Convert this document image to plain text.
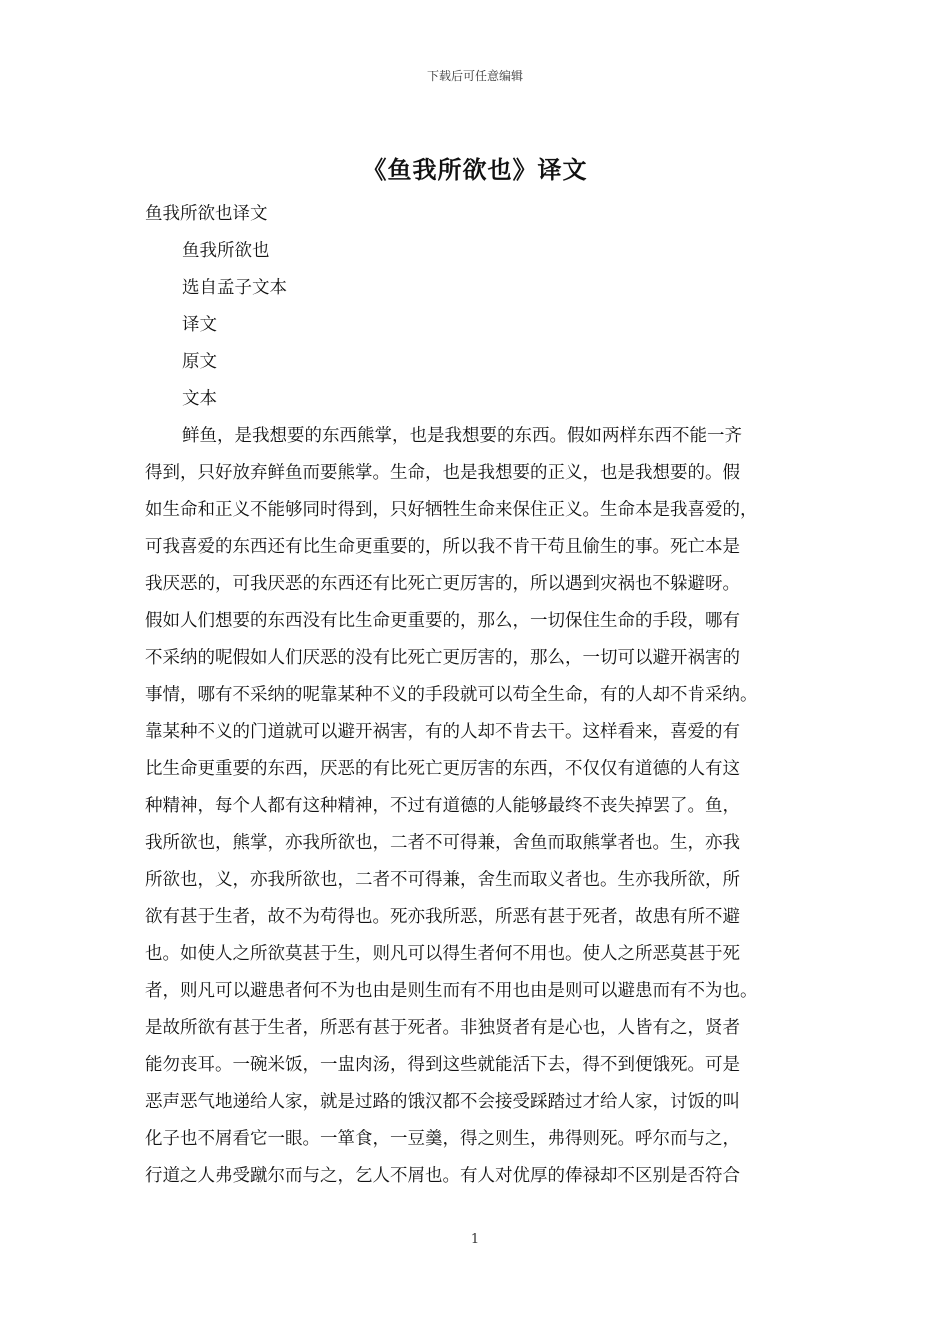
下载后可任意编辑
《鱼我所欲也》译文

鱼我所欲也译文

鱼我所欲也

选自孟子文本

译文

原文

文本

鲜鱼，是我想要的东西熊掌，也是我想要的东西。假如两样东西不能一齐

得到，只好放弃鲜鱼而要熊掌。生命，也是我想要的正义，也是我想要的。假

如生命和正义不能够同时得到，只好牺牲生命来保住正义。生命本是我喜爱的，

可我喜爱的东西还有比生命更重要的，所以我不肯干苟且偷生的事。死亡本是

我厌恶的，可我厌恶的东西还有比死亡更厉害的，所以遇到灾祸也不躲避呀。

假如人们想要的东西没有比生命更重要的，那么，一切保住生命的手段，哪有

不采纳的呢假如人们厌恶的没有比死亡更厉害的，那么，一切可以避开祸害的

事情，哪有不采纳的呢靠某种不义的手段就可以苟全生命，有的人却不肯采纳。

靠某种不义的门道就可以避开祸害，有的人却不肯去干。这样看来，喜爱的有

比生命更重要的东西，厌恶的有比死亡更厉害的东西，不仅仅有道德的人有这

种精神，每个人都有这种精神，不过有道德的人能够最终不丧失掉罢了。鱼，

我所欲也，熊掌，亦我所欲也，二者不可得兼，舍鱼而取熊掌者也。生，亦我

所欲也，义，亦我所欲也，二者不可得兼，舍生而取义者也。生亦我所欲，所

欲有甚于生者，故不为苟得也。死亦我所恶，所恶有甚于死者，故患有所不避

也。如使人之所欲莫甚于生，则凡可以得生者何不用也。使人之所恶莫甚于死

者，则凡可以避患者何不为也由是则生而有不用也由是则可以避患而有不为也。

是故所欲有甚于生者，所恶有甚于死者。非独贤者有是心也，人皆有之，贤者

能勿丧耳。一碗米饭，一盅肉汤，得到这些就能活下去，得不到便饿死。可是

恶声恶气地递给人家，就是过路的饿汉都不会接受踩踏过才给人家，讨饭的叫

化子也不屑看它一眼。一箪食，一豆羹，得之则生，弗得则死。呼尔而与之，

行道之人弗受蹴尔而与之，乞人不屑也。有人对优厚的俸禄却不区别是否符合

1
